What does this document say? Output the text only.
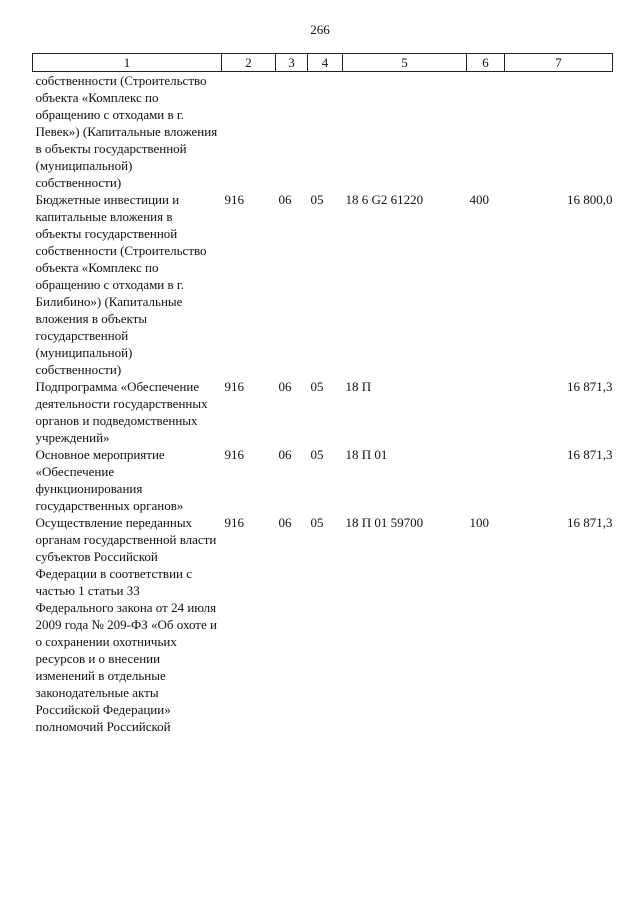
266
1	2	3	4	5	6	7
собственности (Строительство объекта «Комплекс по обращению с отходами в г. Певек») (Капитальные вложения в объекты государственной (муниципальной) собственности)						
Бюджетные инвестиции и капитальные вложения в объекты государственной собственности (Строительство объекта «Комплекс по обращению с отходами в г. Билибино») (Капитальные вложения в объекты государственной (муниципальной) собственности)	916	06	05	18 6 G2 61220	400	16 800,0
Подпрограмма «Обеспечение деятельности государственных органов и подведомственных учреждений»	916	06	05	18 П		16 871,3
Основное мероприятие «Обеспечение функционирования государственных органов»	916	06	05	18 П 01		16 871,3
Осуществление переданных органам государственной власти субъектов Российской Федерации в соответствии с частью 1 статьи 33 Федерального закона от 24 июля 2009 года № 209-ФЗ «Об охоте и о сохранении охотничьих ресурсов и о внесении изменений в отдельные законодательные акты Российской Федерации» полномочий Российской	916	06	05	18 П 01 59700	100	16 871,3
